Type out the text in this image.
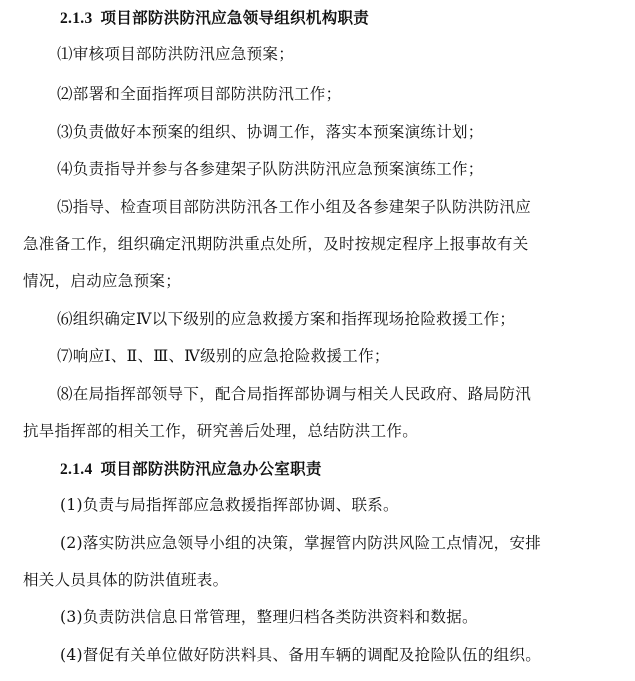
2.1.3 项目部防洪防汛应急领导组织机构职责
⑴审核项目部防洪防汛应急预案；
⑵部署和全面指挥项目部防洪防汛工作；
⑶负责做好本预案的组织、协调工作，落实本预案演练计划；
⑷负责指导并参与各参建架子队防洪防汛应急预案演练工作；
⑸指导、检查项目部防洪防汛各工作小组及各参建架子队防洪防汛应
急准备工作，组织确定汛期防洪重点处所，及时按规定程序上报事故有关
情况，启动应急预案；
⑹组织确定Ⅳ以下级别的应急救援方案和指挥现场抢险救援工作；
⑺响应Ⅰ、Ⅱ、Ⅲ、Ⅳ级别的应急抢险救援工作；
⑻在局指挥部领导下，配合局指挥部协调与相关人民政府、路局防汛
抗旱指挥部的相关工作，研究善后处理，总结防洪工作。
2.1.4 项目部防洪防汛应急办公室职责
(1)负责与局指挥部应急救援指挥部协调、联系。
(2)落实防洪应急领导小组的决策，掌握管内防洪风险工点情况，安排
相关人员具体的防洪值班表。
(3)负责防洪信息日常管理，整理归档各类防洪资料和数据。
(4)督促有关单位做好防洪料具、备用车辆的调配及抢险队伍的组织。
